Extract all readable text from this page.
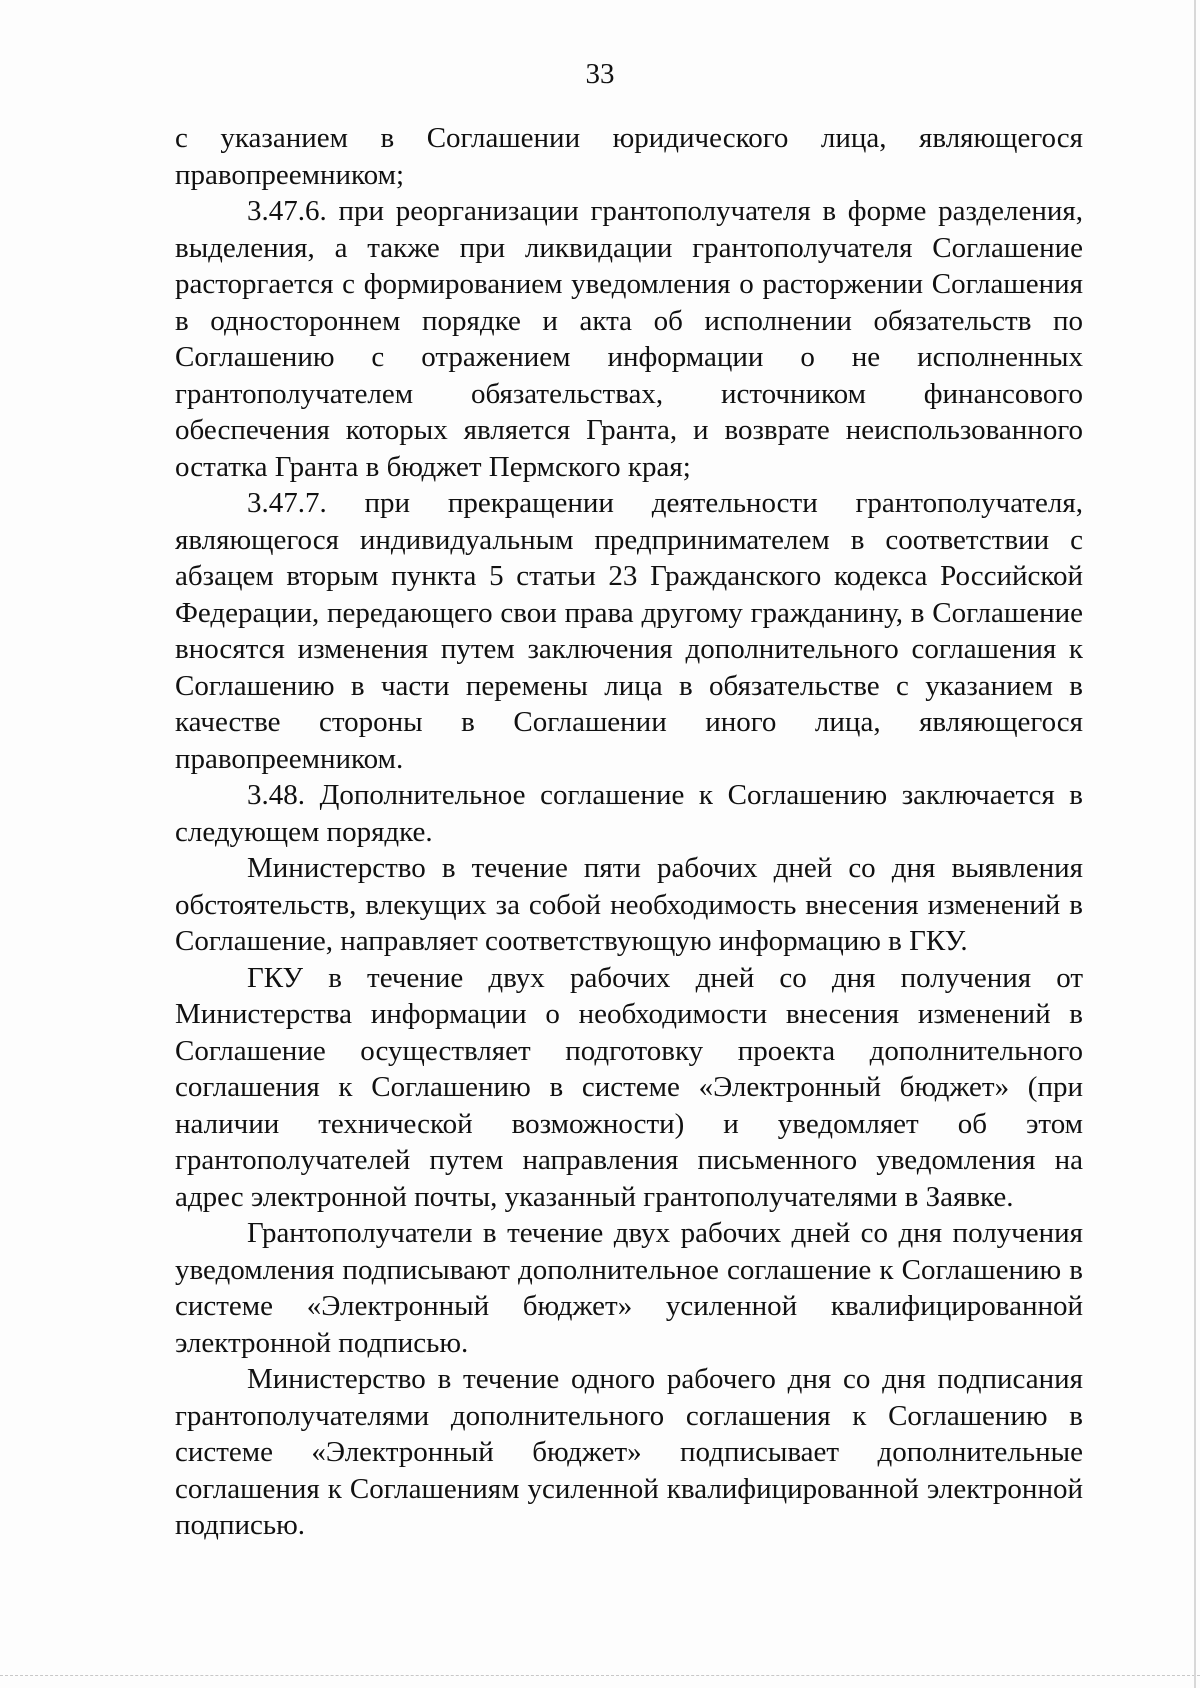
33

с указанием в Соглашении юридического лица, являющегося правопреемником;

3.47.6. при реорганизации грантополучателя в форме разделения, выделения, а также при ликвидации грантополучателя Соглашение расторгается с формированием уведомления о расторжении Соглашения в одностороннем порядке и акта об исполнении обязательств по Соглашению с отражением информации о не исполненных грантополучателем обязательствах, источником финансового обеспечения которых является Гранта, и возврате неиспользованного остатка Гранта в бюджет Пермского края;

3.47.7. при прекращении деятельности грантополучателя, являющегося индивидуальным предпринимателем в соответствии с абзацем вторым пункта 5 статьи 23 Гражданского кодекса Российской Федерации, передающего свои права другому гражданину, в Соглашение вносятся изменения путем заключения дополнительного соглашения к Соглашению в части перемены лица в обязательстве с указанием в качестве стороны в Соглашении иного лица, являющегося правопреемником.

3.48. Дополнительное соглашение к Соглашению заключается в следующем порядке.

Министерство в течение пяти рабочих дней со дня выявления обстоятельств, влекущих за собой необходимость внесения изменений в Соглашение, направляет соответствующую информацию в ГКУ.

ГКУ в течение двух рабочих дней со дня получения от Министерства информации о необходимости внесения изменений в Соглашение осуществляет подготовку проекта дополнительного соглашения к Соглашению в системе «Электронный бюджет» (при наличии технической возможности) и уведомляет об этом грантополучателей путем направления письменного уведомления на адрес электронной почты, указанный грантополучателями в Заявке.

Грантополучатели в течение двух рабочих дней со дня получения уведомления подписывают дополнительное соглашение к Соглашению в системе «Электронный бюджет» усиленной квалифицированной электронной подписью.

Министерство в течение одного рабочего дня со дня подписания грантополучателями дополнительного соглашения к Соглашению в системе «Электронный бюджет» подписывает дополнительные соглашения к Соглашениям усиленной квалифицированной электронной подписью.
